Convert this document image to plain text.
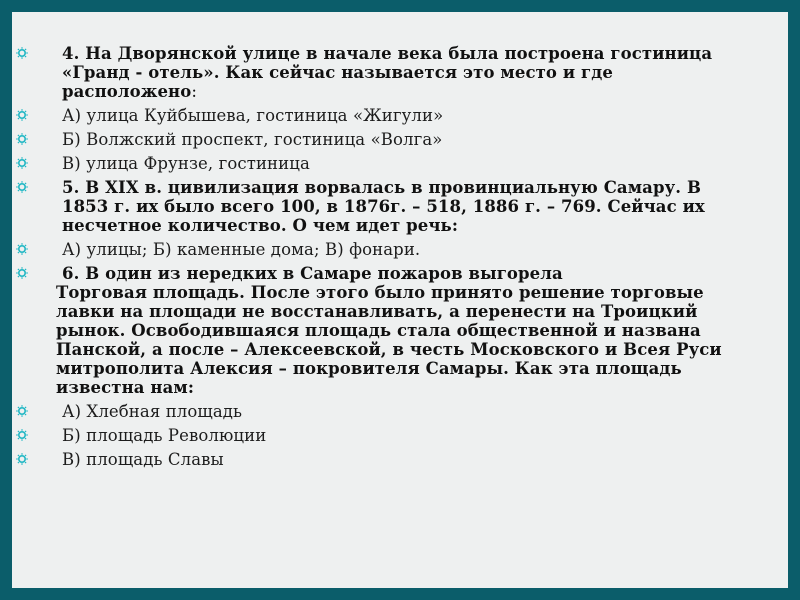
4. На Дворянской улице в начале века была построена гостиница «Гранд - отель». Как сейчас называется это место и где расположено:
А) улица Куйбышева, гостиница «Жигули»
Б) Волжский проспект, гостиница «Волга»
В) улица Фрунзе, гостиница
5. В XIX в. цивилизация ворвалась в провинциальную Самару. В 1853 г. их было всего 100, в 1876г. – 518, 1886 г. – 769. Сейчас их несчетное количество. О чем идет речь:
А) улицы; Б) каменные дома; В) фонари.
6. В один из нередких в Самаре пожаров выгорела
Торговая площадь. После этого было принято решение торговые лавки на площади не восстанавливать, а перенести на Троицкий рынок. Освободившаяся площадь стала общественной и названа Панской, а после – Алексеевской, в честь Московского и Всея Руси митрополита Алексия – покровителя Самары. Как эта площадь известна нам:
А) Хлебная площадь
Б) площадь Революции
В) площадь Славы
